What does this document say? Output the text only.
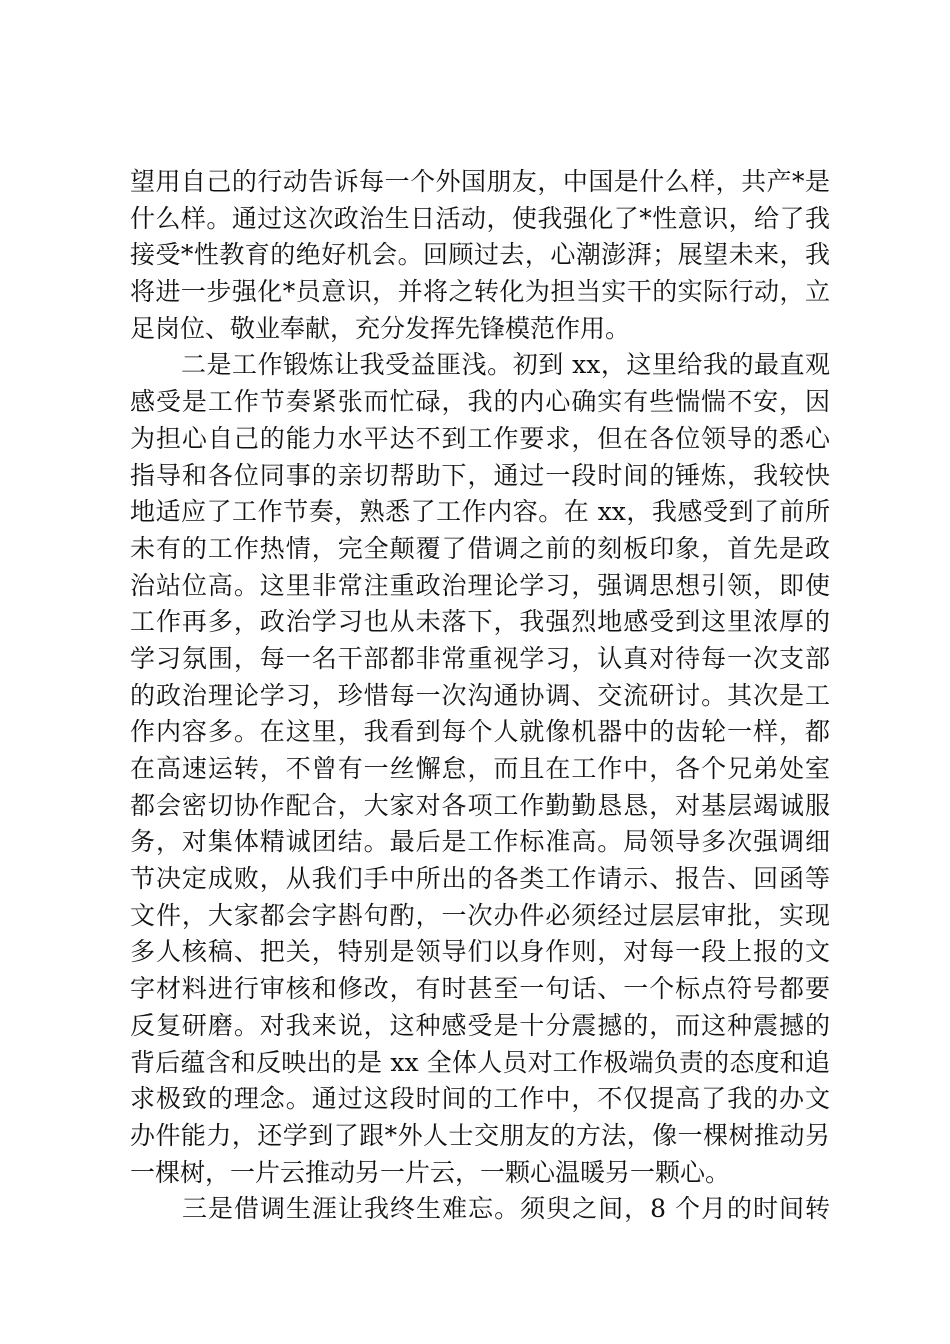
望用自己的行动告诉每一个外国朋友，中国是什么样，共产*是
什么样。通过这次政治生日活动，使我强化了*性意识，给了我
接受*性教育的绝好机会。回顾过去，心潮澎湃；展望未来，我
将进一步强化*员意识，并将之转化为担当实干的实际行动，立
足岗位、敬业奉献，充分发挥先锋模范作用。
　　二是工作锻炼让我受益匪浅。初到 xx，这里给我的最直观
感受是工作节奏紧张而忙碌，我的内心确实有些惴惴不安，因
为担心自己的能力水平达不到工作要求，但在各位领导的悉心
指导和各位同事的亲切帮助下，通过一段时间的锤炼，我较快
地适应了工作节奏，熟悉了工作内容。在 xx，我感受到了前所
未有的工作热情，完全颠覆了借调之前的刻板印象，首先是政
治站位高。这里非常注重政治理论学习，强调思想引领，即使
工作再多，政治学习也从未落下，我强烈地感受到这里浓厚的
学习氛围，每一名干部都非常重视学习，认真对待每一次支部
的政治理论学习，珍惜每一次沟通协调、交流研讨。其次是工
作内容多。在这里，我看到每个人就像机器中的齿轮一样，都
在高速运转，不曾有一丝懈怠，而且在工作中，各个兄弟处室
都会密切协作配合，大家对各项工作勤勤恳恳，对基层竭诚服
务，对集体精诚团结。最后是工作标准高。局领导多次强调细
节决定成败，从我们手中所出的各类工作请示、报告、回函等
文件，大家都会字斟句酌，一次办件必须经过层层审批，实现
多人核稿、把关，特别是领导们以身作则，对每一段上报的文
字材料进行审核和修改，有时甚至一句话、一个标点符号都要
反复研磨。对我来说，这种感受是十分震撼的，而这种震撼的
背后蕴含和反映出的是 xx 全体人员对工作极端负责的态度和追
求极致的理念。通过这段时间的工作中，不仅提高了我的办文
办件能力，还学到了跟*外人士交朋友的方法，像一棵树推动另
一棵树，一片云推动另一片云，一颗心温暖另一颗心。
　　三是借调生涯让我终生难忘。须臾之间，8 个月的时间转
